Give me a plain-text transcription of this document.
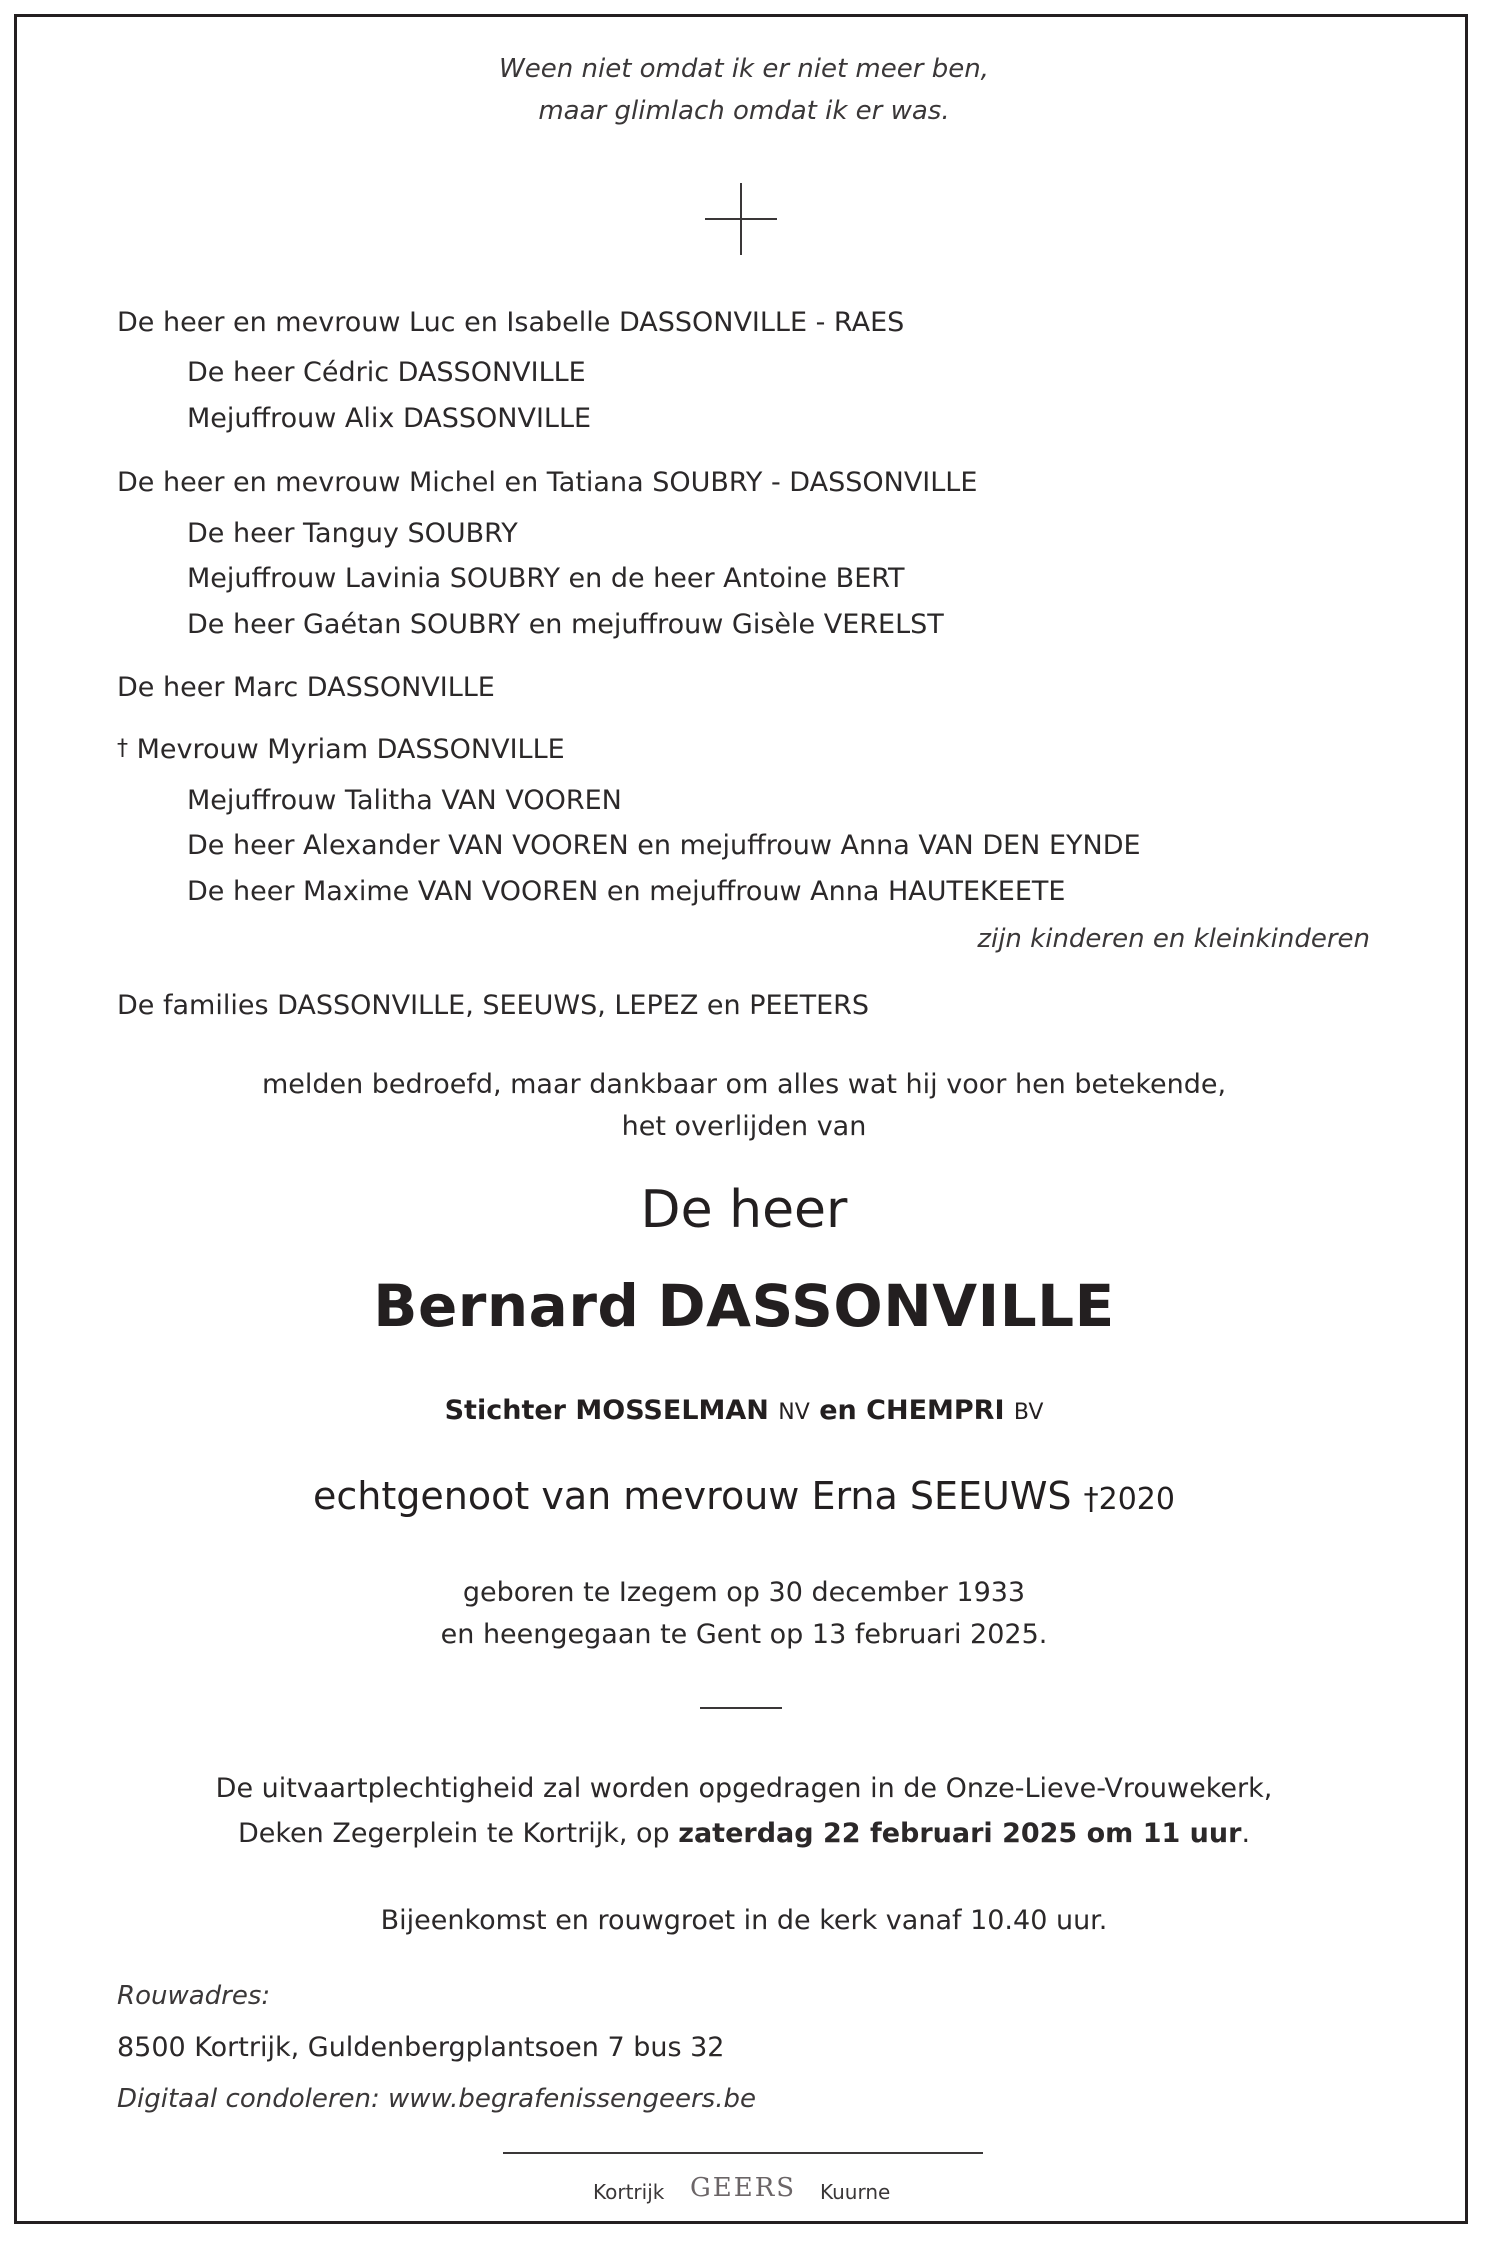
Ween niet omdat ik er niet meer ben,
maar glimlach omdat ik er was.
De heer en mevrouw Luc en Isabelle DASSONVILLE - RAES
De heer Cédric DASSONVILLE
Mejuffrouw Alix DASSONVILLE
De heer en mevrouw Michel en Tatiana SOUBRY - DASSONVILLE
De heer Tanguy SOUBRY
Mejuffrouw Lavinia SOUBRY en de heer Antoine BERT
De heer Gaétan SOUBRY en mejuffrouw Gisèle VERELST
De heer Marc DASSONVILLE
† Mevrouw Myriam DASSONVILLE
Mejuffrouw Talitha VAN VOOREN
De heer Alexander VAN VOOREN en mejuffrouw Anna VAN DEN EYNDE
De heer Maxime VAN VOOREN en mejuffrouw Anna HAUTEKEETE
zijn kinderen en kleinkinderen
De families DASSONVILLE, SEEUWS, LEPEZ en PEETERS
melden bedroefd, maar dankbaar om alles wat hij voor hen betekende,
het overlijden van
De heer
Bernard DASSONVILLE
Stichter MOSSELMAN NV en CHEMPRI BV
echtgenoot van mevrouw Erna SEEUWS †2020
geboren te Izegem op 30 december 1933
en heengegaan te Gent op 13 februari 2025.
De uitvaartplechtigheid zal worden opgedragen in de Onze-Lieve-Vrouwekerk,
Deken Zegerplein te Kortrijk, op zaterdag 22 februari 2025 om 11 uur.
Bijeenkomst en rouwgroet in de kerk vanaf 10.40 uur.
Rouwadres:
8500 Kortrijk, Guldenbergplantsoen 7 bus 32
Digitaal condoleren: www.begrafenissengeers.be
Kortrijk GEERS Kuurne
